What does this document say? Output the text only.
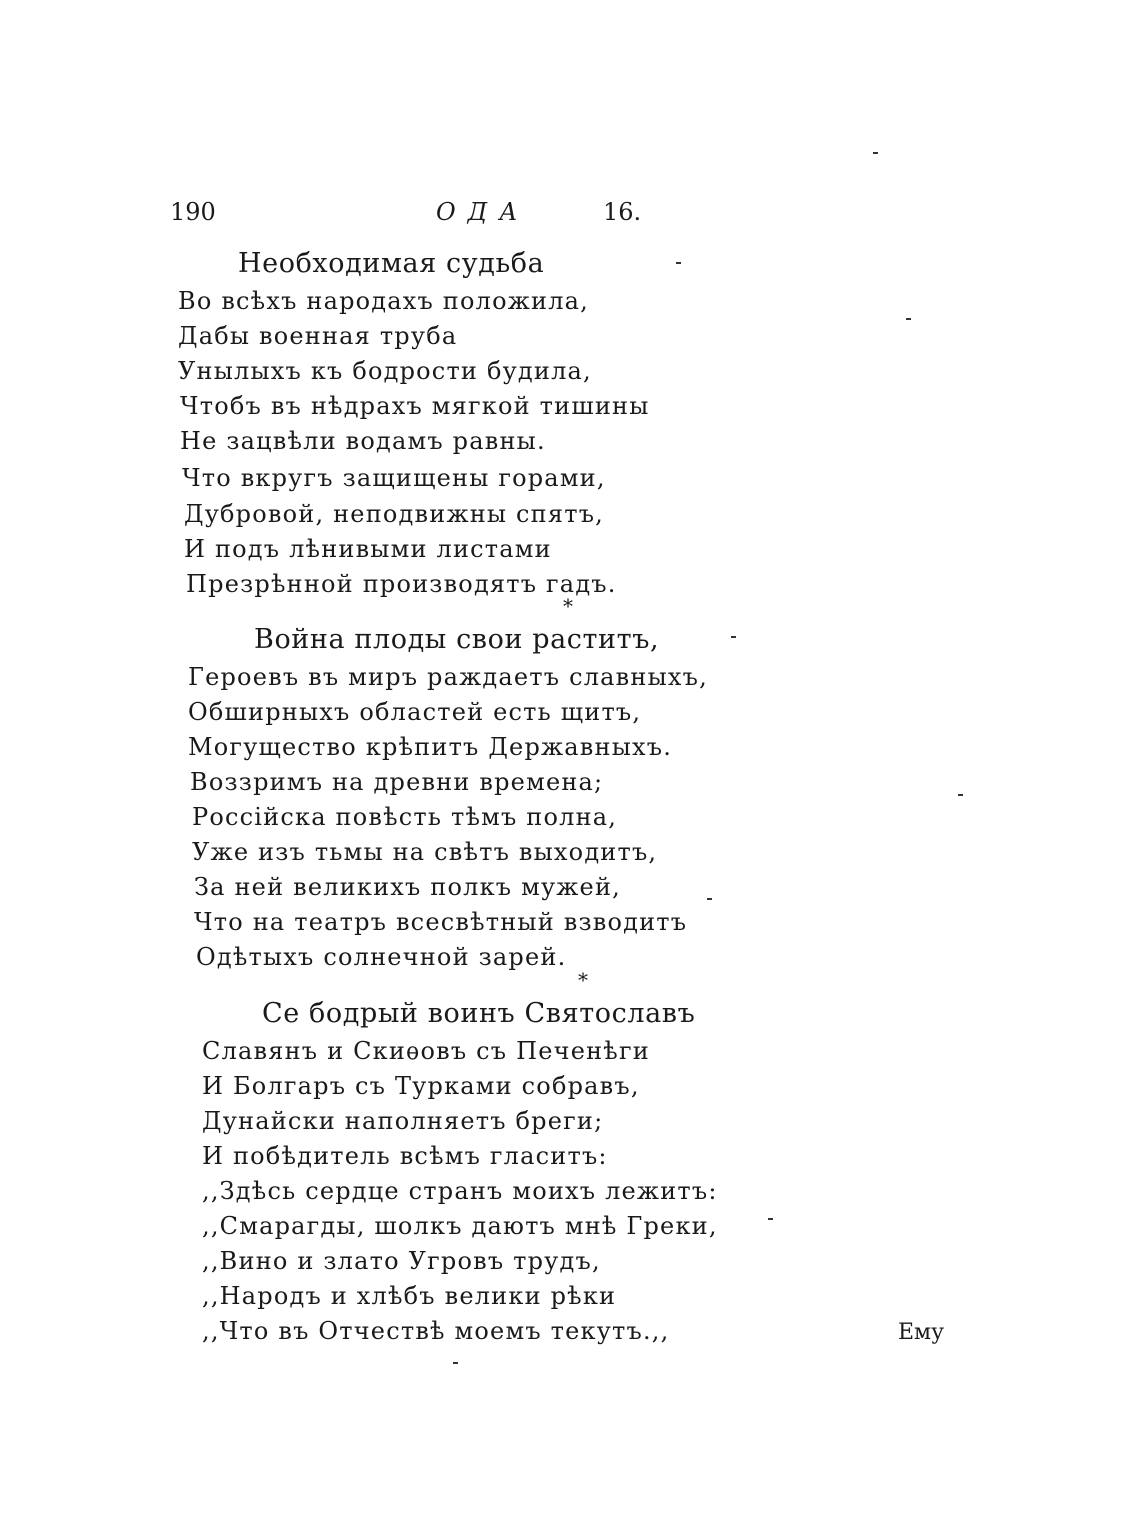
190	ОДА	16.
Необходимая судьба
Во всѣхъ народахъ положила,
Дабы военная труба
Унылыхъ къ бодрости будила,
Чтобъ въ нѣдрахъ мягкой тишины
Не зацвѣли водамъ равны.
Что вкругъ защищены горами,
Дубровой, неподвижны спятъ,
И подъ лѣнивыми листами
Презрѣнной производятъ гадъ.
*
Война плоды свои раститъ,
Героевъ въ миръ раждаетъ славныхъ,
Обширныхъ областей есть щитъ,
Могущество крѣпитъ Державныхъ.
Воззримъ на древни времена;
Россійска повѣсть тѣмъ полна,
Уже изъ тьмы на свѣтъ выходитъ,
За ней великихъ полкъ мужей,
Что на театръ всесвѣтный взводитъ
Одѣтыхъ солнечной зарей.
*
Се бодрый воинъ Святославъ
Славянъ и Скиѳовъ съ Печенѣги
И Болгаръ съ Турками собравъ,
Дунайски наполняетъ бреги;
И побѣдитель всѣмъ гласитъ:
,,Здѣсь сердце странъ моихъ лежитъ:
,,Смарагды, шолкъ даютъ мнѣ Греки,
,,Вино и злато Угровъ трудъ,
,,Народъ и хлѣбъ велики рѣки
,,Что въ Отчествѣ моемъ текутъ.,,	Ему
